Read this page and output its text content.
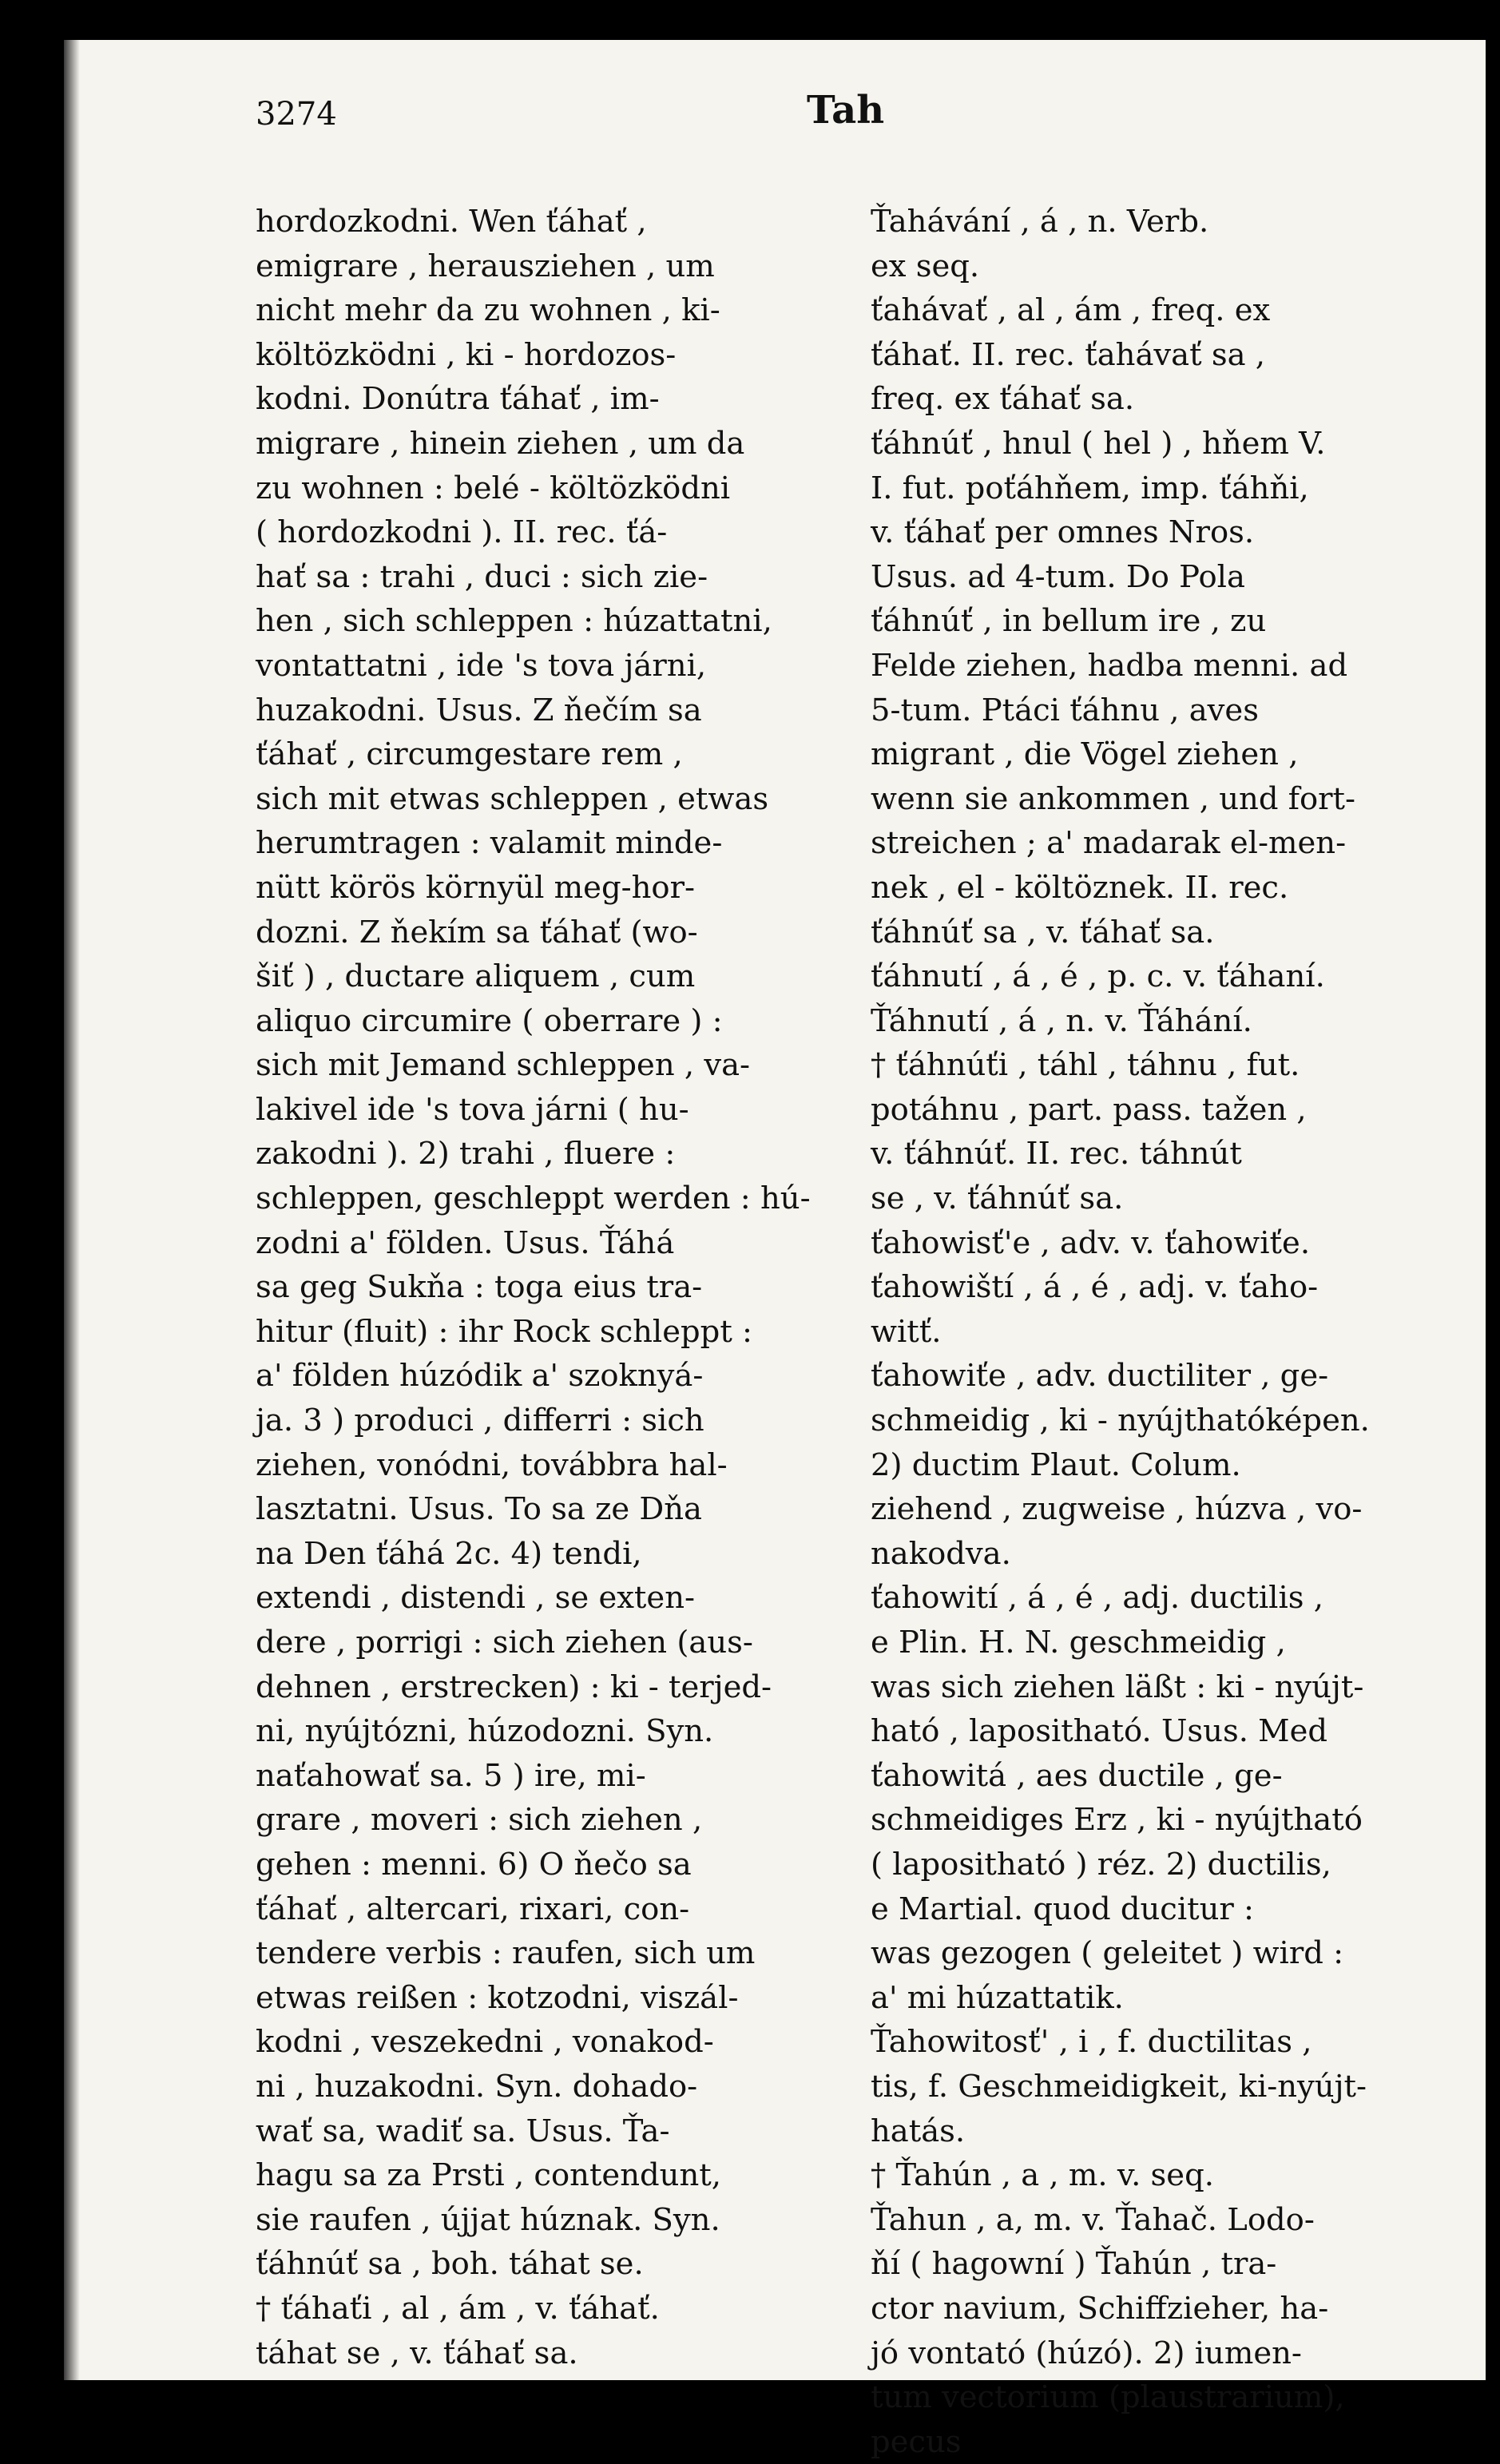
3274	Tah
hordozkodni. Wen ťáhať ,
emigrare , herausziehen , um
nicht mehr da zu wohnen , ki-
költözködni , ki - hordozos-
kodni. Donútra ťáhať , im-
migrare , hinein ziehen , um da
zu wohnen : belé - költözködni
( hordozkodni ). II. rec. ťá-
hať sa : trahi , duci : sich zie-
hen , sich schleppen : húzattatni,
vontattatni , ide 's tova járni,
huzakodni. Usus. Z ňečím sa
ťáhať , circumgestare rem ,
sich mit etwas schleppen , etwas
herumtragen : valamit minde-
nütt körös környül meg-hor-
dozni. Z ňekím sa ťáhať (wo-
šiť ) , ductare aliquem , cum
aliquo circumire ( oberrare ) :
sich mit Jemand schleppen , va-
lakivel ide 's tova járni ( hu-
zakodni ). 2) trahi , fluere :
schleppen, geschleppt werden : hú-
zodni a' földen. Usus. Ťáhá
sa geg Sukňa : toga eius tra-
hitur (fluit) : ihr Rock schleppt :
a' földen húzódik a' szoknyá-
ja. 3 ) produci , differri : sich
ziehen, vonódni, továbbra hal-
lasztatni. Usus. To sa ze Dňa
na Den ťáhá 2c. 4) tendi,
extendi , distendi , se exten-
dere , porrigi : sich ziehen (aus-
dehnen , erstrecken) : ki - terjed-
ni, nyújtózni, húzodozni. Syn.
naťahowať sa. 5 ) ire, mi-
grare , moveri : sich ziehen ,
gehen : menni. 6) O ňečo sa
ťáhať , altercari, rixari, con-
tendere verbis : raufen, sich um
etwas reißen : kotzodni, viszál-
kodni , veszekedni , vonakod-
ni , huzakodni. Syn. dohado-
wať sa, wadiť sa. Usus. Ťa-
hagu sa za Prsti , contendunt,
sie raufen , újjat húznak. Syn.
ťáhnúť sa , boh. táhat se.
† ťáhaťi , al , ám , v. ťáhať.
táhat se , v. ťáhať sa.
Ťahávání , á , n. Verb.
ex seq.
ťahávať , al , ám , freq. ex
ťáhať. II. rec. ťahávať sa ,
freq. ex ťáhať sa.
ťáhnúť , hnul ( hel ) , hňem V.
I. fut. poťáhňem, imp. ťáhňi,
v. ťáhať per omnes Nros.
Usus. ad 4-tum. Do Pola
ťáhnúť , in bellum ire , zu
Felde ziehen, hadba menni. ad
5-tum. Ptáci ťáhnu , aves
migrant , die Vögel ziehen ,
wenn sie ankommen , und fort-
streichen ; a' madarak el-men-
nek , el - költöznek. II. rec.
ťáhnúť sa , v. ťáhať sa.
ťáhnutí , á , é , p. c. v. ťáhaní.
Ťáhnutí , á , n. v. Ťáhání.
† ťáhnúťi , táhl , táhnu , fut.
potáhnu , part. pass. tažen ,
v. ťáhnúť. II. rec. táhnút
se , v. ťáhnúť sa.
ťahowisť'e , adv. v. ťahowiťe.
ťahowiští , á , é , adj. v. ťaho-
witť.
ťahowiťe , adv. ductiliter , ge-
schmeidig , ki - nyújthatóképen.
2) ductim Plaut. Colum.
ziehend , zugweise , húzva , vo-
nakodva.
ťahowití , á , é , adj. ductilis ,
e Plin. H. N. geschmeidig ,
was sich ziehen läßt : ki - nyújt-
ható , lapositható. Usus. Med
ťahowitá , aes ductile , ge-
schmeidiges Erz , ki - nyújtható
( lapositható ) réz. 2) ductilis,
e Martial. quod ducitur :
was gezogen ( geleitet ) wird :
a' mi húzattatik.
Ťahowitosť' , i , f. ductilitas ,
tis, f. Geschmeidigkeit, ki-nyújt-
hatás.
† Ťahún , a , m. v. seq.
Ťahun , a, m. v. Ťahač. Lodo-
ňí ( hagowní ) Ťahún , tra-
ctor navium, Schiffzieher, ha-
jó vontató (húzó). 2) iumen-
tum vectorium (plaustrarium),
pecus
